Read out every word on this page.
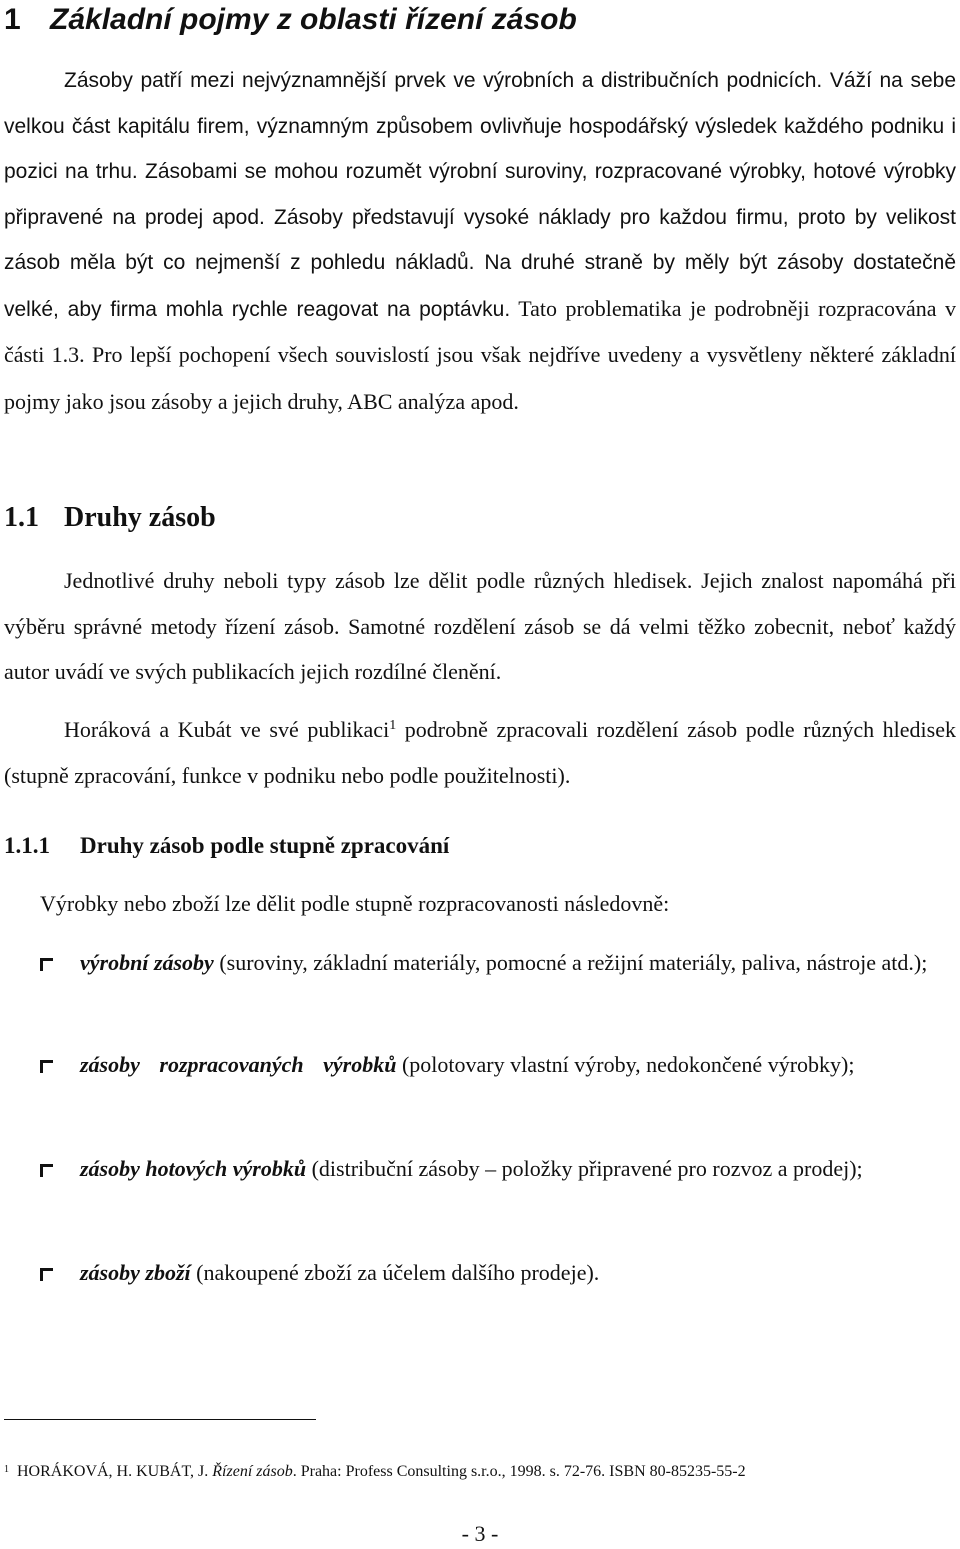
1 Základní pojmy z oblasti řízení zásob

Zásoby patří mezi nejvýznamnější prvek ve výrobních a distribučních podnicích. Váží na sebe velkou část kapitálu firem, významným způsobem ovlivňuje hospodářský výsledek každého podniku i pozici na trhu. Zásobami se mohou rozumět výrobní suroviny, rozpracované výrobky, hotové výrobky připravené na prodej apod. Zásoby představují vysoké náklady pro každou firmu, proto by velikost zásob měla být co nejmenší z pohledu nákladů. Na druhé straně by měly být zásoby dostatečně velké, aby firma mohla rychle reagovat na poptávku. Tato problematika je podrobněji rozpracována v části 1.3. Pro lepší pochopení všech souvislostí jsou však nejdříve uvedeny a vysvětleny některé základní pojmy jako jsou zásoby a jejich druhy, ABC analýza apod.

1.1 Druhy zásob

Jednotlivé druhy neboli typy zásob lze dělit podle různých hledisek. Jejich znalost napomáhá při výběru správné metody řízení zásob. Samotné rozdělení zásob se dá velmi těžko zobecnit, neboť každý autor uvádí ve svých publikacích jejich rozdílné členění.

Horáková a Kubát ve své publikaci$^1$ podrobně zpracovali rozdělení zásob podle různých hledisek (stupně zpracování, funkce v podniku nebo podle použitelnosti).

1.1.1 Druhy zásob podle stupně zpracování

Výrobky nebo zboží lze dělit podle stupně rozpracovanosti následovně:

výrobní zásoby (suroviny, základní materiály, pomocné a režijní materiály, paliva, nástroje atd.);

zásoby rozpracovaných výrobků (polotovary vlastní výroby, nedokončené výrobky);

zásoby hotových výrobků (distribuční zásoby – položky připravené pro rozvoz a prodej);

zásoby zboží (nakoupené zboží za účelem dalšího prodeje).

$^1$ HORÁKOVÁ, H. KUBÁT, J. Řízení zásob. Praha: Profess Consulting s.r.o., 1998. s. 72-76. ISBN 80-85235-55-2

- 3 -
